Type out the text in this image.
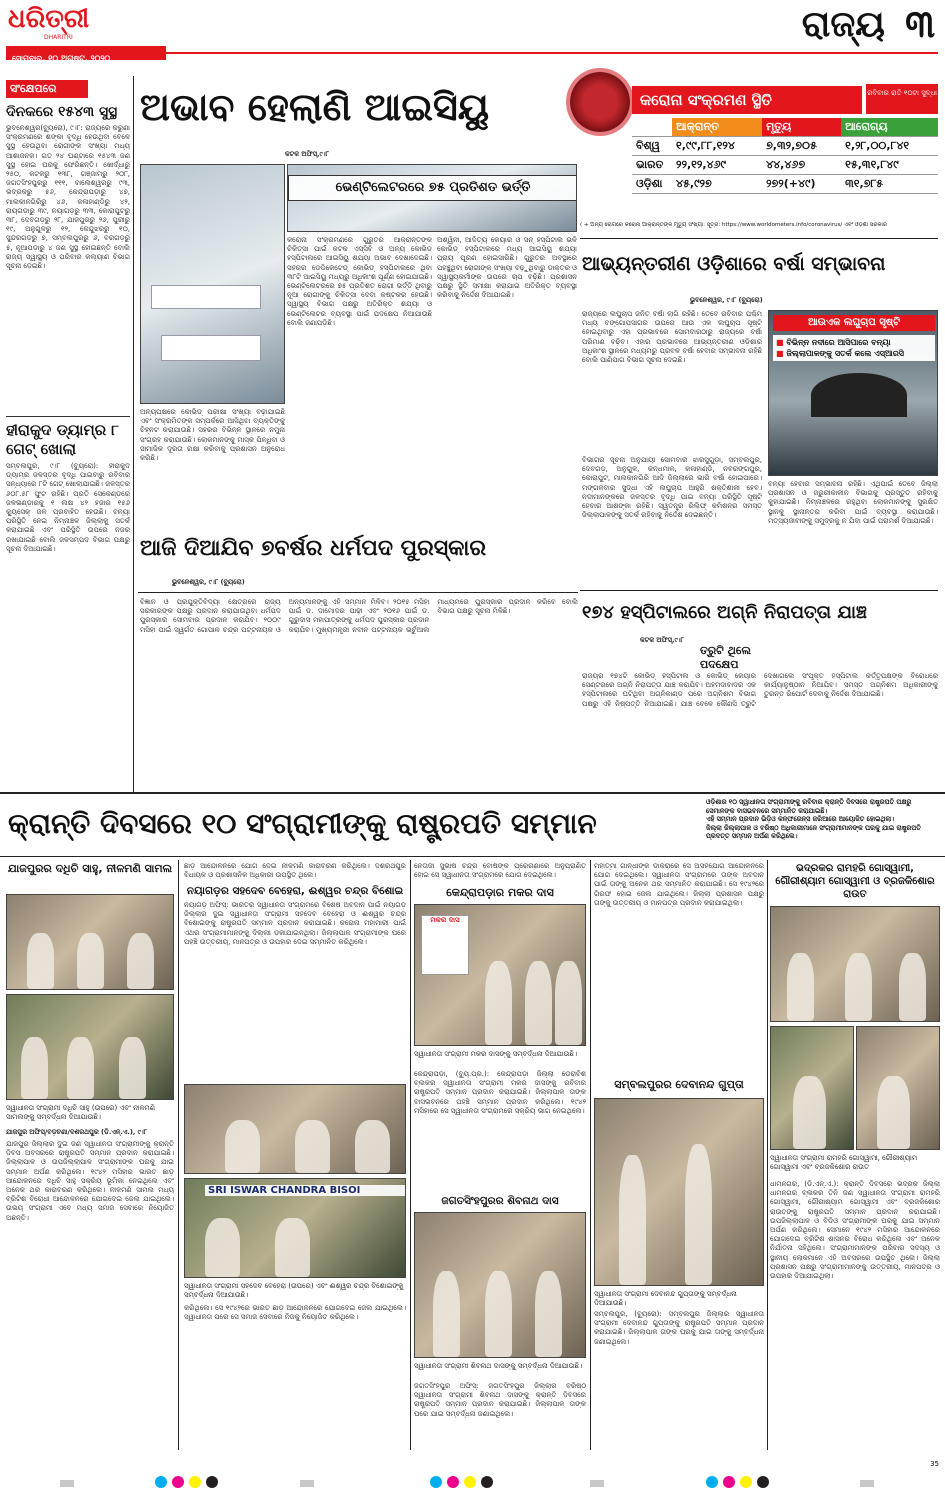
ଧରିତ୍ରୀ
DHARITRI
ସୋମବାର, ୧୦ ଅଗଷ୍ଟ, ୨୦୨୦
ରାଜ୍ୟ ୩
ସଂକ୍ଷେପରେ
ଦିନକରେ ୧୫୪୩ ସୁସ୍ଥ
ଭୁବନେଶ୍ୱର(ବ୍ୟୁରୋ), ୯।୮: ରାଜ୍ୟରେ କରୁଣା ସଂକ୍ରମଣରେ ଶଙ୍କା ବୃଦ୍ଧି ହେଉଥିବା ବେଳେ ସୁସ୍ଥ ହେଉଥିବା ରୋଗୀଙ୍କ ସଂଖ୍ୟା ମଧ୍ୟ ଆଶାଜନକ। ଗତ ୨୪ ଘଣ୍ଟାରେ ୧୫୪୩ ଜଣ ସୁସ୍ଥ ହୋଇ ଘରକୁ ଫେରିଛନ୍ତି। ଖୋର୍ଦ୍ଧାରୁ ୨୫୦, କଟକରୁ ୧୩୮, ଗଞ୍ଜାମରୁ ୨୦୮, ଜଗତସିଂହପୁରରୁ ୧୧୧, ବାଲେଶ୍ୱରରୁ ୯୩, ଭଦ୍ରକରୁ ୫୬, କେନ୍ଦ୍ରାପଡ଼ାରୁ ୪୭, ମାଲକାନଗିରିରୁ ୪୬, କଳାହାଣ୍ଡିରୁ ୪୨, ରାୟଗଡ଼ାରୁ ୩୯, ନୟାଗଡ଼ରୁ ୩୩, କୋରାପୁଟରୁ ୩୮, ଦେବଗଡ଼ରୁ ୨୮, ଯାଜପୁରରୁ ୨୬, ପୁରୀରୁ ୧୯, ଅନୁଗୁଳରୁ ୧୨, କେନ୍ଦୁଝରରୁ ୧୦, ସୁନ୍ଦରଗଡ଼ରୁ ୭, ସମ୍ବଲପୁରରୁ ୬, ବରଗଡ଼ରୁ ୫, ନୂଆପଡ଼ାରୁ ୪ ଜଣ ସୁସ୍ଥ ହୋଇଛନ୍ତି ବୋଲି ରାଜ୍ୟ ସ୍ୱାସ୍ଥ୍ୟ ଓ ପରିବାର କଲ୍ୟାଣ ବିଭାଗ ସୂଚନା ଦେଇଛି।
ହୀରାକୁଦ ଡ୍ୟାମ୍‌ର ୮ ଗେଟ୍ ଖୋଲା
ସମ୍ବଲପୁର, ୯।୮ (ବ୍ୟୁରୋ): ହୀରାକୁଦ ଡ୍ୟାମ୍‌ର ଜଳସ୍ତର ବୃଦ୍ଧି ପାଇବାରୁ ରବିବାର ସନ୍ଧ୍ୟାରେ ୮ଟି ଗେଟ୍ ଖୋଲାଯାଇଛି। ଜଳସ୍ତର ୬୦୮.୫୮ ଫୁଟ ରହିଛି। ପ୍ରତି ସେକେଣ୍ଡରେ ଜଳଭଣ୍ଡାରକୁ ୧ ଲକ୍ଷ ୪୨ ହଜାର ୧୫୬ କ୍ୟୁସେକ୍ ଜଳ ପ୍ରବାହିତ ହେଉଛି। ବନ୍ୟା ପରିସ୍ଥିତି ନେଇ ନିମ୍ନାଞ୍ଚଳ ଜିଲ୍ଲାକୁ ସତର୍କ କରାଯାଇଛି ଏବଂ ପରିସ୍ଥିତି ଉପରେ ନଜର ରଖାଯାଇଛି ବୋଲି ଜଳସମ୍ପଦ ବିଭାଗ ପକ୍ଷରୁ ସୂଚନା ଦିଆଯାଇଛି।
ଅଭାବ ହେଲାଣି ଆଇସିୟୁ
କଟକ ଅଫିସ୍,୯।୮
ଭେଣ୍ଟିଲେଟରରେ ୭୫ ପ୍ରତିଶତ ଭର୍ତ୍ତି
କରୋନା ସଂକ୍ରମଣରେ ଗୁରୁତର ଆକ୍ରାନ୍ତଙ୍କ ଚିକିତ୍ସା ପାଇଁ କଟକ ଏସ୍‌ସିବି ଓ ଅନ୍ୟ କୋଭିଡ୍ ହସ୍ପିଟାଲରେ ଆଇସିୟୁ ଶଯ୍ୟା ଅଭାବ ଦେଖାଦେଇଛି। ସହରର ଡେଡିକେଟେଡ୍ କୋଭିଡ୍ ହସ୍ପିଟାଲରେ ଥିବା ୩୮ଟି ଆଇସିୟୁ ମଧ୍ୟରୁ ଅଧିକାଂଶ ପୂର୍ଣ୍ଣ ହୋଇଯାଇଛି। ଭେଣ୍ଟିଲେଟରରେ ୭୫ ପ୍ରତିଶତ ରୋଗୀ ଭର୍ତ୍ତି ଥିବାରୁ ନୂଆ ରୋଗୀଙ୍କୁ ଚିକିତ୍ସା ଦେବା କଷ୍ଟକର ହେଉଛି। ସ୍ୱାସ୍ଥ୍ୟ ବିଭାଗ ପକ୍ଷରୁ ଅତିରିକ୍ତ ଶଯ୍ୟା ଓ ଭେଣ୍ଟିଲେଟର ବ୍ୟବସ୍ଥା ପାଇଁ ପଦକ୍ଷେପ ନିଆଯାଉଛି ବୋଲି ଜଣାପଡ଼ିଛି।
ଅଶ୍ୱିନୀ, ଆଦିତ୍ୟ କେୟାର ଓ ସନ୍ ହସ୍ପିଟାଲ ଭଳି କୋଭିଡ୍ ହସ୍ପିଟାଲରେ ମଧ୍ୟ ଆଇସିୟୁ ଶଯ୍ୟା ପ୍ରାୟ ପୂରଣ ହୋଇସାରିଛି। ଗୁରୁତର ଅବସ୍ଥାରେ ପହଞ୍ଚୁଥିବା ରୋଗୀଙ୍କ ସଂଖ୍ୟା ବଢ଼ୁଥିବାରୁ ଡାକ୍ତର ଓ ସ୍ୱାସ୍ଥ୍ୟକର୍ମୀଙ୍କ ଉପରେ ଚାପ ବଢ଼ିଛି। ପ୍ରଶାସନ ପକ୍ଷରୁ ସ୍ଥିତି ସମୀକ୍ଷା କରାଯାଇ ଅତିରିକ୍ତ ବ୍ୟବସ୍ଥା କରିବାକୁ ନିର୍ଦ୍ଦେଶ ଦିଆଯାଇଛି।
ଅନ୍ୟପକ୍ଷରେ କୋଭିଡ୍ ପରୀକ୍ଷା ସଂଖ୍ୟା ବଢ଼ାଯାଇଛି ଏବଂ ସଂକ୍ରମିତଙ୍କ ସମ୍ପର୍କରେ ଆସିଥିବା ବ୍ୟକ୍ତିଙ୍କୁ ଚିହ୍ନଟ କରାଯାଉଛି। ସହରର ବିଭିନ୍ନ ସ୍ଥାନରେ ନମୁନା ସଂଗ୍ରହ କରାଯାଉଛି। ଲୋକମାନଙ୍କୁ ମାସ୍କ ପିନ୍ଧିବା ଓ ସାମାଜିକ ଦୂରତା ରକ୍ଷା କରିବାକୁ ପ୍ରଶାସନ ଅନୁରୋଧ କରିଛି।
କରୋନା ସଂକ୍ରମଣ ସ୍ଥିତି	ରବିବାର ରାତି ୧୦ଟା ସୁଦ୍ଧା
	ଆକ୍ରାନ୍ତ	ମୃତ୍ୟୁ	ଆରୋଗ୍ୟ
ବିଶ୍ୱ	୧,୯୯,୮୮,୧୨୪	୭,୩୨,୭୦୫	୧,୨୮,୦୦,୮୪୧
ଭାରତ	୨୨,୧୨,୪୬୯	୪୪,୪୬୭	୧୫,୩୧,୮୪୯
ଓଡ଼ିଶା	୪୫,୯୨୭	୨୭୨(+୪୯)	୩୧,୭୮୫
( + ଅନ୍ୟ ରୋଗରେ କରୋନା ଆକ୍ରାନ୍ତଙ୍କ ମୃତ୍ୟୁ ସଂଖ୍ୟା: ସୂତ୍ର: https://www.worldometers.info/coronavirus/ ଏବଂ ଓଡ଼ିଶା ସରକାର
ଆଭ୍ୟନ୍ତରୀଣ ଓଡ଼ିଶାରେ ବର୍ଷା ସମ୍ଭାବନା
ଭୁବନେଶ୍ୱର, ୯।୮ (ବ୍ୟୁରୋ)
ରାଜ୍ୟରେ ଲଘୁଚାପ ଜନିତ ବର୍ଷା ଲାଗି ରହିଛି। ତେବେ ରବିବାର ପଶ୍ଚିମ ମଧ୍ୟ ବଙ୍ଗୋପସାଗର ଉପରେ ଆଉ ଏକ ଲଘୁଚାପ ସୃଷ୍ଟି ହୋଇଥିବାରୁ ଏହା ପ୍ରଭାବରେ ସୋମବାରଠାରୁ ରାଜ୍ୟରେ ବର୍ଷା ପରିମାଣ ବଢ଼ିବ। ଏହାର ପ୍ରଭାବରେ ଆଭ୍ୟନ୍ତରୀଣ ଓଡ଼ିଶାର ଅଧିକାଂଶ ସ୍ଥାନରେ ମଧ୍ୟମରୁ ପ୍ରବଳ ବର୍ଷା ହେବାର ସମ୍ଭାବନା ରହିଛି ବୋଲି ପାଣିପାଗ ବିଭାଗ ସୂଚନା ଦେଇଛି।
ଆଉଏକ ଲଘୁଚାପ ସୃଷ୍ଟି
■ ବିଭିନ୍ନ ନଦୀରେ ଆସିପାରେ ବନ୍ୟା
■ ଜିଲ୍ଲାପାଳଙ୍କୁ ସତର୍କ କଲେ ଏସ୍‌ଆରସି
ବିଭାଗର ସୂଚନା ଅନୁଯାୟୀ ସୋମବାର ଝାରସୁଗୁଡ଼ା, ସମ୍ବଲପୁର, ଦେବଗଡ଼, ଅନୁଗୁଳ, କନ୍ଧମାଳ, କଳାହାଣ୍ଡି, ନବରଙ୍ଗପୁର, କୋରାପୁଟ, ମାଲକାନଗିରି ଆଦି ଜିଲ୍ଲାରେ ଭାରି ବର୍ଷା ହୋଇପାରେ। ମଙ୍ଗଳବାର ସୁଦ୍ଧା ଏହି ଲଘୁଚାପ ଆହୁରି ଶକ୍ତିଶାଳୀ ହେବ। ନଦୀମାନଙ୍କରେ ଜଳସ୍ତର ବୃଦ୍ଧି ପାଇ ବନ୍ୟା ପରିସ୍ଥିତି ସୃଷ୍ଟି ହେବାର ଆଶଙ୍କା ରହିଛି। ସ୍ୱତନ୍ତ୍ର ରିଲିଫ୍ କମିଶନର ସମସ୍ତ ଜିଲ୍ଲାପାଳଙ୍କୁ ସତର୍କ ରହିବାକୁ ନିର୍ଦ୍ଦେଶ ଦେଇଛନ୍ତି।
ବନ୍ୟା ହେବାର ସମ୍ଭାବନା ରହିଛି। ଏଥିପାଇଁ ତେବେ ଜିଲ୍ଲା ପ୍ରଶାସନ ଓ ଜରୁରୀକାଳୀନ ବିଭାଗକୁ ପ୍ରସ୍ତୁତ ରହିବାକୁ କୁହାଯାଇଛି। ନିମ୍ନାଞ୍ଚଳରେ ରହୁଥିବା ଲୋକମାନଙ୍କୁ ସୁରକ୍ଷିତ ସ୍ଥାନକୁ ସ୍ଥାନାନ୍ତର କରିବା ପାଇଁ ବ୍ୟବସ୍ଥା କରାଯାଉଛି। ମତ୍ସ୍ୟଜୀବୀଙ୍କୁ ସମୁଦ୍ରକୁ ନ ଯିବା ପାଇଁ ପରାମର୍ଶ ଦିଆଯାଇଛି।
ଆଜି ଦିଆଯିବ ୭ବର୍ଷର ଧର୍ମପଦ ପୁରସ୍କାର
ଭୁବନେଶ୍ୱର, ୯।୮ (ବ୍ୟୁରୋ)
ବିଜ୍ଞାନ ଓ ପ୍ରଯୁକ୍ତିବିଦ୍ୟା କ୍ଷେତ୍ରରେ ରାଜ୍ୟ ସରକାରଙ୍କ ପକ୍ଷରୁ ପ୍ରଦାନ କରାଯାଉଥିବା ଧର୍ମପଦ ପୁରସ୍କାର ସୋମବାର ପ୍ରଦାନ କରାଯିବ। ୨୦୦୯ ମସିହା ପାଇଁ ସ୍ୱର୍ଗତ ଗୋପାଳ ଚନ୍ଦ୍ର ପଟ୍ଟନାୟକ ଓ ଅନ୍ୟମାନଙ୍କୁ ଏହି ସମ୍ମାନ ମିଳିବ। ୨୦୧୫ ମସିହା ପାଇଁ ଡ. ଦାମୋଦର ପାଢ଼ୀ ଏବଂ ୨୦୧୬ ପାଇଁ ଡ. ଗୁରୁଦାସ ମହାପାତ୍ରଙ୍କୁ ଧର୍ମପଦ ପୁରସ୍କାର ପ୍ରଦାନ କରାଯିବ। ମୁଖ୍ୟମନ୍ତ୍ରୀ ନବୀନ ପଟ୍ଟନାୟକ ଭର୍ଚୁଆଲ ମାଧ୍ୟମରେ ପୁରସ୍କାର ପ୍ରଦାନ କରିବେ ବୋଲି ବିଭାଗ ପକ୍ଷରୁ ସୂଚନା ମିଳିଛି।	୧୭୪ ହସ୍ପିଟାଲରେ ଅଗ୍ନି ନିରାପତ୍ତା ଯାଞ୍ଚ
କଟକ ଅଫିସ୍,୯।୮
ତ୍ରୁଟି ଥିଲେ ପଦକ୍ଷେପ
ରାଜ୍ୟର ୧୭୪ଟି କୋଭିଡ୍ ହସ୍ପିଟାଲ ଓ କୋଭିଡ୍ କେୟାର ସେଣ୍ଟରରେ ଅଗ୍ନି ନିରାପତ୍ତା ଯାଞ୍ଚ କରାଯିବ। ଅହମଦାବାଦର ଏକ ହସ୍ପିଟାଲରେ ଘଟିଥିବା ଅଗ୍ନିକାଣ୍ଡ ପରେ ଅଗ୍ନିଶମ ବିଭାଗ ପକ୍ଷରୁ ଏହି ନିଷ୍ପତ୍ତି ନିଆଯାଇଛି। ଯାଞ୍ଚ ବେଳେ କୌଣସି ତ୍ରୁଟି ଦେଖାଗଲେ ସଂପୃକ୍ତ ହସ୍ପିଟାଲ କର୍ତ୍ତୃପକ୍ଷଙ୍କ ବିରୋଧରେ କାର୍ଯ୍ୟାନୁଷ୍ଠାନ ନିଆଯିବ। ସମସ୍ତ ଅଗ୍ନିଶମ ଅଧିକାରୀଙ୍କୁ ତୁରନ୍ତ ରିପୋର୍ଟ ଦେବାକୁ ନିର୍ଦ୍ଦେଶ ଦିଆଯାଇଛି।
କ୍ରାନ୍ତି ଦିବସରେ ୧୦ ସଂଗ୍ରାମୀଙ୍କୁ ରାଷ୍ଟ୍ରପତି ସମ୍ମାନ
ଓଡ଼ିଶାର ୧୦ ସ୍ୱାଧୀନତା ସଂଗ୍ରାମୀଙ୍କୁ ରବିବାର କ୍ରାନ୍ତି ଦିବସରେ ରାଷ୍ଟ୍ରପତି ପକ୍ଷରୁ ସେମାନଙ୍କ ବାସଭବନରେ ସମ୍ମାନିତ କରାଯାଇଛି।
ଏହି ସମ୍ମାନ ପ୍ରଦାନ ଭିଡ଼ିଓ କନ୍‌ଫରେନ୍ସ ଜରିଆରେ ଆୟୋଜିତ ହୋଇଥିଲା।
ଜିଲ୍ଲା ଜିଲ୍ଲାପାଳ ଓ ବରିଷ୍ଠ ଅଧିକାରୀମାନେ ସଂଗ୍ରାମୀମାନଙ୍କ ଘରକୁ ଯାଇ ରାଷ୍ଟ୍ରପତି ପ୍ରଦତ୍ତ ସମ୍ମାନ ଅର୍ପଣ କରିଥିଲେ।
ଯାଜପୁରର ଦଧିଚି ସାହୁ, ନୀଳମଣି ସାମଲ
ସ୍ୱାଧୀନତା ସଂଗ୍ରାମୀ ଦଧିଚି ସାହୁ (ଉପରେ) ଏବଂ ନୀଳମଣି ସାମଲଙ୍କୁ ସମ୍ବର୍ଦ୍ଧନା ଦିଆଯାଉଛି।
ଯାଜପୁର ଅଫିସ୍/ବଡ଼ଚଣା/ଦଶରଥପୁର (ଡି.ଏନ୍.ଏ.), ୯।୮
ଯାଜପୁର ଜିଲ୍ଲାର ଦୁଇ ଜଣ ସ୍ୱାଧୀନତା ସଂଗ୍ରାମୀଙ୍କୁ କ୍ରାନ୍ତି ଦିବସ ଅବସରରେ ରାଷ୍ଟ୍ରପତି ସମ୍ମାନ ପ୍ରଦାନ କରାଯାଇଛି। ଜିଲ୍ଲାପାଳ ଓ ଉପଜିଲ୍ଲାପାଳ ସଂଗ୍ରାମୀଙ୍କ ଘରକୁ ଯାଇ ସମ୍ମାନ ଅର୍ପଣ କରିଥିଲେ। ୧୯୪୨ ମସିହାର ଭାରତ ଛାଡ଼ ଆନ୍ଦୋଳନରେ ଦଧିଚି ସାହୁ ସକ୍ରିୟ ଭୂମିକା ନେଇଥିଲେ ଏବଂ ଅନେକ ଥର କାରାବରଣ କରିଥିଲେ। ନୀଳମଣି ସାମଲ ମଧ୍ୟ ବ୍ରିଟିଶ ବିରୋଧୀ ଆନ୍ଦୋଳନରେ ଯୋଗଦେଇ ଜେଲ ଯାଇଥିଲେ। ଉଭୟ ସଂଗ୍ରାମୀ ଏବେ ମଧ୍ୟ ସମାଜ ସେବାରେ ନିୟୋଜିତ ଅଛନ୍ତି।
ଛାଡ଼ ଆନ୍ଦୋଳନରେ ଯୋଗ ଦେଇ ନୀଳମଣି କାରାବରଣ କରିଥିଲେ। ଦଶରଥପୁର ବିଧାୟକ ଓ ପ୍ରଶାସନିକ ଅଧିକାରୀ ଉପସ୍ଥିତ ଥିଲେ।
ନୟାଗଡ଼ର ସହଦେବ ବେହେରା, ଈଶ୍ୱର ଚନ୍ଦ୍ର ବିଶୋଇ
ନୟାଗଡ଼ ଅଫିସ୍: ଭାରତର ସ୍ୱାଧୀନତା ସଂଗ୍ରାମରେ ବିଶେଷ ଅବଦାନ ପାଇଁ ନୟାଗଡ଼ ଜିଲ୍ଲାର ଦୁଇ ସ୍ୱାଧୀନତା ସଂଗ୍ରାମୀ ସହଦେବ ବେହେରା ଓ ଈଶ୍ୱର ଚନ୍ଦ୍ର ବିଶୋଇଙ୍କୁ ରାଷ୍ଟ୍ରପତି ସମ୍ମାନ ପ୍ରଦାନ କରାଯାଇଛି। କରୋନା ମହାମାରୀ ପାଇଁ ଏଥର ସଂଗ୍ରାମୀମାନଙ୍କୁ ଦିଲ୍ଲୀ ଡକାଯାଇନଥିଲା। ଜିଲ୍ଲାପାଳ ସଂଗ୍ରାମୀଙ୍କ ଘରେ ପହଞ୍ଚି ଉତ୍ତରୀୟ, ମାନପତ୍ର ଓ ଉପହାର ଦେଇ ସମ୍ମାନିତ କରିଥିଲେ।
SRI ISWAR CHANDRA BISOI
ସ୍ୱାଧୀନତା ସଂଗ୍ରାମୀ ସହଦେବ ବେହେରା (ଉପରେ) ଏବଂ ଈଶ୍ୱର ଚନ୍ଦ୍ର ବିଶୋଇଙ୍କୁ ସମ୍ବର୍ଦ୍ଧନା ଦିଆଯାଉଛି।
କରିଥିଲେ। ସେ ୧୯୪୨ରେ ଭାରତ ଛାଡ଼ ଆନ୍ଦୋଳନରେ ଯୋଗଦେଇ ଜେଲ ଯାଇଥିଲେ। ସ୍ୱାଧୀନତା ପରେ ସେ ସମାଜ ସେବାରେ ନିଜକୁ ନିୟୋଜିତ କରିଥିଲେ।
ନେତାଜୀ ସୁଭାଷ ଚନ୍ଦ୍ର ବୋଷଙ୍କ ପ୍ରେରଣାରେ ଅନୁପ୍ରାଣିତ ହୋଇ ସେ ସ୍ୱାଧୀନତା ସଂଗ୍ରାମରେ ଯୋଗ ଦେଇଥିଲେ।
କେନ୍ଦ୍ରାପଡ଼ାର ମକର ଦାସ
ମକର ଦାସ
ସ୍ୱାଧୀନତା ସଂଗ୍ରାମୀ ମକର ଦାସଙ୍କୁ ସମ୍ବର୍ଦ୍ଧନା ଦିଆଯାଉଛି।
କେନ୍ଦ୍ରାପଡ଼ା, (ବ୍ୟୁ.ପ୍ର.): କେନ୍ଦ୍ରାପଡ଼ା ଜିଲ୍ଲା ଡେରାବିଶ ବ୍ଲକର ସ୍ୱାଧୀନତା ସଂଗ୍ରାମୀ ମକର ଦାସଙ୍କୁ ରବିବାର ରାଷ୍ଟ୍ରପତି ସମ୍ମାନ ପ୍ରଦାନ କରାଯାଇଛି। ଜିଲ୍ଲାପାଳ ତାଙ୍କ ବାସଭବନରେ ପହଞ୍ଚି ସମ୍ମାନ ପ୍ରଦାନ କରିଥିଲେ। ୧୯୪୨ ମସିହାରେ ସେ ସ୍ୱାଧୀନତା ସଂଗ୍ରାମରେ ସକ୍ରିୟ ଭାଗ ନେଇଥିଲେ।
ଜଗତସିଂହପୁରର ଶିବନାଥ ଦାସ
ସ୍ୱାଧୀନତା ସଂଗ୍ରାମୀ ଶିବନାଥ ଦାସଙ୍କୁ ସମ୍ବର୍ଦ୍ଧନା ଦିଆଯାଉଛି।
ଜଗତସିଂହପୁର ଅଫିସ୍: ଜଗତସିଂହପୁର ଜିଲ୍ଲାର ବରିଷ୍ଠ ସ୍ୱାଧୀନତା ସଂଗ୍ରାମୀ ଶିବନାଥ ଦାସଙ୍କୁ କ୍ରାନ୍ତି ଦିବସରେ ରାଷ୍ଟ୍ରପତି ସମ୍ମାନ ପ୍ରଦାନ କରାଯାଇଛି। ଜିଲ୍ଲାପାଳ ତାଙ୍କ ଘରେ ଯାଇ ସମ୍ବର୍ଦ୍ଧନା ଜଣାଇଥିଲେ।
ମହାତ୍ମା ଗାନ୍ଧୀଙ୍କ ଡାକରାରେ ସେ ଅସହଯୋଗ ଆନ୍ଦୋଳନରେ ଯୋଗ ଦେଇଥିଲେ। ସ୍ୱାଧୀନତା ସଂଗ୍ରାମରେ ତାଙ୍କ ଅବଦାନ ପାଇଁ ତାଙ୍କୁ ଅନେକ ଥର ସମ୍ମାନିତ କରାଯାଇଛି। ସେ ୧୯୪୨ରେ ଗିରଫ ହୋଇ ଜେଲ ଯାଇଥିଲେ। ଜିଲ୍ଲା ପ୍ରଶାସନ ପକ୍ଷରୁ ତାଙ୍କୁ ଉତ୍ତରୀୟ ଓ ମାନପତ୍ର ପ୍ରଦାନ କରାଯାଇଥିଲା।
ସମ୍ବଲପୁରର ଦେବାନନ୍ଦ ଗୁପ୍ତା
ସ୍ୱାଧୀନତା ସଂଗ୍ରାମୀ ଦେବାନନ୍ଦ ଗୁପ୍ତାଙ୍କୁ ସମ୍ବର୍ଦ୍ଧନା ଦିଆଯାଉଛି।
ସମ୍ବଲପୁର, (ବ୍ୟୁରୋ): ସମ୍ବଲପୁର ଜିଲ୍ଲାର ସ୍ୱାଧୀନତା ସଂଗ୍ରାମୀ ଦେବାନନ୍ଦ ଗୁପ୍ତାଙ୍କୁ ରାଷ୍ଟ୍ରପତି ସମ୍ମାନ ପ୍ରଦାନ କରାଯାଇଛି। ଜିଲ୍ଲାପାଳ ତାଙ୍କ ଘରକୁ ଯାଇ ତାଙ୍କୁ ସମ୍ବର୍ଦ୍ଧନା ଜଣାଇଥିଲେ।
ଭଦ୍ରକର ରାମହରି ଗୋସ୍ୱାମୀ, ଗୌରୀଶ୍ୟାମ ଗୋସ୍ୱାମୀ ଓ ବ୍ରଜକିଶୋର ରାଉତ
ସ୍ୱାଧୀନତା ସଂଗ୍ରାମୀ ରାମହରି ଗୋସ୍ୱାମୀ, ଗୌରୀଶ୍ୟାମ ଗୋସ୍ୱାମୀ ଏବଂ ବ୍ରଜକିଶୋର ରାଉତ
ଧାମନଗର, (ଡି.ଏନ୍.ଏ.): କ୍ରାନ୍ତି ଦିବସରେ ଭଦ୍ରକ ଜିଲ୍ଲା ଧାମନଗର ବ୍ଲକର ତିନି ଜଣ ସ୍ୱାଧୀନତା ସଂଗ୍ରାମୀ ରାମହରି ଗୋସ୍ୱାମୀ, ଗୌରୀଶ୍ୟାମ ଗୋସ୍ୱାମୀ ଏବଂ ବ୍ରଜକିଶୋର ରାଉତଙ୍କୁ ରାଷ୍ଟ୍ରପତି ସମ୍ମାନ ପ୍ରଦାନ କରାଯାଇଛି। ଉପଜିଲ୍ଲାପାଳ ଓ ବିଡିଓ ସଂଗ୍ରାମୀଙ୍କ ଘରକୁ ଯାଇ ସମ୍ମାନ ଅର୍ପଣ କରିଥିଲେ। ସେମାନେ ୧୯୪୨ ମସିହାର ଆନ୍ଦୋଳନରେ ଯୋଗଦେଇ ବ୍ରିଟିଶ ଶାସନର ବିରୋଧ କରିଥିଲେ ଏବଂ ଅନେକ ନିର୍ଯାତନା ସହିଥିଲେ। ସଂଗ୍ରାମୀମାନଙ୍କ ପରିବାର ସଦସ୍ୟ ଓ ସ୍ଥାନୀୟ ଲୋକମାନେ ଏହି ଅବସରରେ ଉପସ୍ଥିତ ଥିଲେ। ଜିଲ୍ଲା ପ୍ରଶାସନ ପକ୍ଷରୁ ସଂଗ୍ରାମୀମାନଙ୍କୁ ଉତ୍ତରୀୟ, ମାନପତ୍ର ଓ ଉପହାର ଦିଆଯାଇଥିଲା।
35
